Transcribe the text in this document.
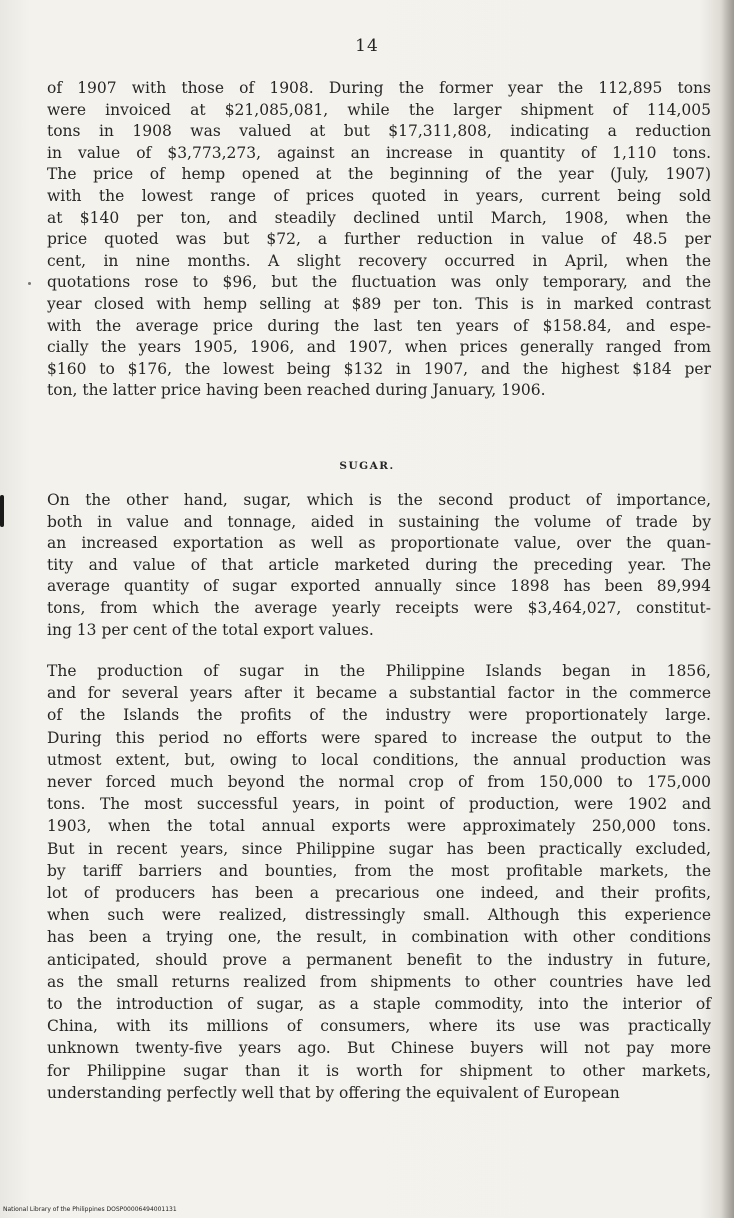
14

of 1907 with those of 1908. During the former year the 112,895 tons
were invoiced at $21,085,081, while the larger shipment of 114,005
tons in 1908 was valued at but $17,311,808, indicating a reduction
in value of $3,773,273, against an increase in quantity of 1,110 tons.
The price of hemp opened at the beginning of the year (July, 1907)
with the lowest range of prices quoted in years, current being sold
at $140 per ton, and steadily declined until March, 1908, when the
price quoted was but $72, a further reduction in value of 48.5 per
cent, in nine months. A slight recovery occurred in April, when the
quotations rose to $96, but the fluctuation was only temporary, and the
year closed with hemp selling at $89 per ton. This is in marked contrast
with the average price during the last ten years of $158.84, and espe-
cially the years 1905, 1906, and 1907, when prices generally ranged from
$160 to $176, the lowest being $132 in 1907, and the highest $184 per
ton, the latter price having been reached during January, 1906.

SUGAR.

On the other hand, sugar, which is the second product of importance,
both in value and tonnage, aided in sustaining the volume of trade by
an increased exportation as well as proportionate value, over the quan-
tity and value of that article marketed during the preceding year. The
average quantity of sugar exported annually since 1898 has been 89,994
tons, from which the average yearly receipts were $3,464,027, constitut-
ing 13 per cent of the total export values.

The production of sugar in the Philippine Islands began in 1856,
and for several years after it became a substantial factor in the commerce
of the Islands the profits of the industry were proportionately large.
During this period no efforts were spared to increase the output to the
utmost extent, but, owing to local conditions, the annual production was
never forced much beyond the normal crop of from 150,000 to 175,000
tons. The most successful years, in point of production, were 1902 and
1903, when the total annual exports were approximately 250,000 tons.
But in recent years, since Philippine sugar has been practically excluded,
by tariff barriers and bounties, from the most profitable markets, the
lot of producers has been a precarious one indeed, and their profits,
when such were realized, distressingly small. Although this experience
has been a trying one, the result, in combination with other conditions
anticipated, should prove a permanent benefit to the industry in future,
as the small returns realized from shipments to other countries have led
to the introduction of sugar, as a staple commodity, into the interior of
China, with its millions of consumers, where its use was practically
unknown twenty-five years ago. But Chinese buyers will not pay more
for Philippine sugar than it is worth for shipment to other markets,
understanding perfectly well that by offering the equivalent of European

National Library of the Philippines DOSP00006494001131
